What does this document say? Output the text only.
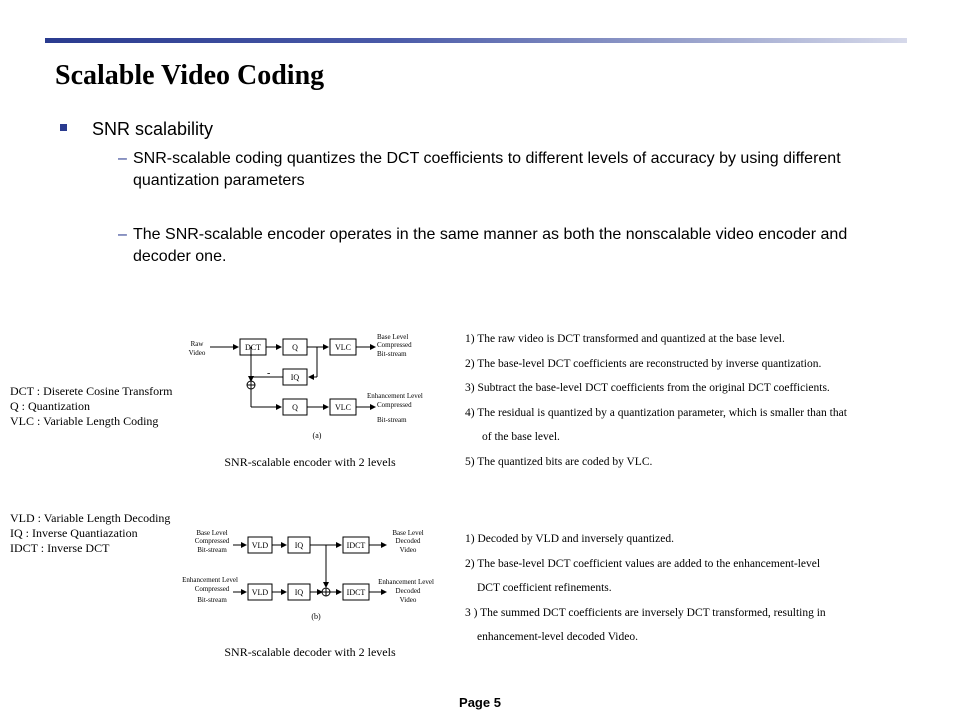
Scalable Video Coding
SNR scalability
– SNR-scalable coding quantizes the DCT coefficients to different levels of accuracy by using different quantization parameters
– The SNR-scalable encoder operates in the same manner as both the nonscalable video encoder and decoder one.
DCT : Diserete Cosine Transform
Q : Quantization
VLC : Variable Length Coding
Raw
Video
DCT	Q	VLC
IQ
Q	VLC
-
Base Level
Compressed
Bit-stream
Enhancement Level
Compressed
Bit-stream
(a)
SNR-scalable encoder with 2 levels
1) The raw video is DCT transformed and quantized at the base level.
2) The base-level DCT coefficients are reconstructed by inverse quantization.
3) Subtract the base-level DCT coefficients from the original DCT coefficients.
4) The residual is quantized by a quantization parameter, which is smaller than that
of the base level.
5) The quantized bits are coded by VLC.
VLD : Variable Length Decoding
IQ : Inverse Quantiazation
IDCT : Inverse DCT
Base Level
Compressed
Bit-stream
Enhancement Level
Compressed
Bit-stream
VLD	IQ	IDCT
VLD	IQ	IDCT
Base Level
Decoded
Video
Enhancement Level
Decoded
Video
(b)
SNR-scalable decoder with 2 levels
1) Decoded by VLD and inversely quantized.
2) The base-level DCT coefficient values are added to the enhancement-level
DCT coefficient refinements.
3 ) The summed DCT coefficients are inversely DCT transformed, resulting in
enhancement-level decoded Video.
Page 5
